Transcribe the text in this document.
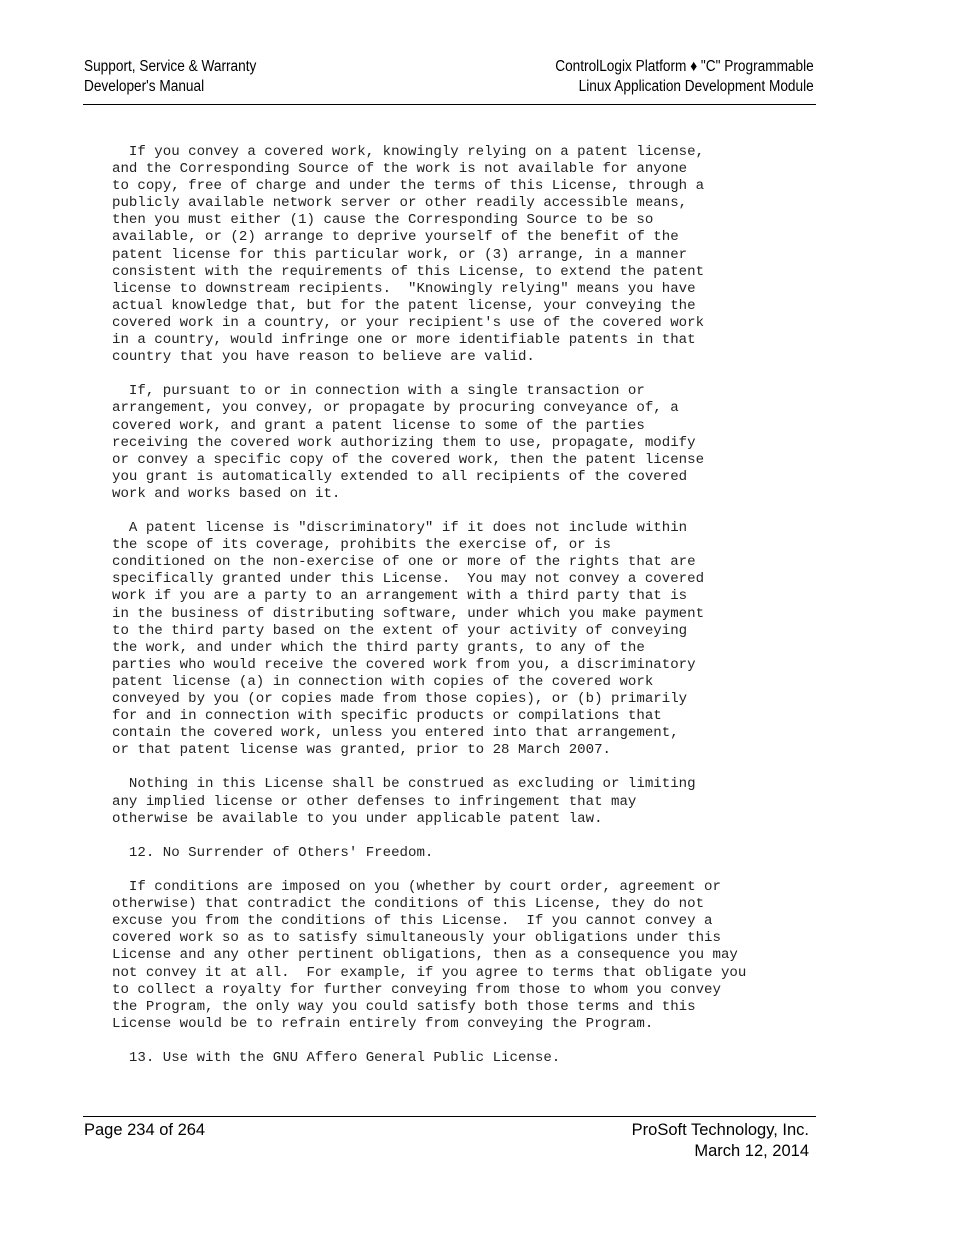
Support, Service & Warranty
Developer's Manual
ControlLogix Platform ♦ "C" Programmable
Linux Application Development Module
If you convey a covered work, knowingly relying on a patent license,
and the Corresponding Source of the work is not available for anyone
to copy, free of charge and under the terms of this License, through a
publicly available network server or other readily accessible means,
then you must either (1) cause the Corresponding Source to be so
available, or (2) arrange to deprive yourself of the benefit of the
patent license for this particular work, or (3) arrange, in a manner
consistent with the requirements of this License, to extend the patent
license to downstream recipients.  "Knowingly relying" means you have
actual knowledge that, but for the patent license, your conveying the
covered work in a country, or your recipient's use of the covered work
in a country, would infringe one or more identifiable patents in that
country that you have reason to believe are valid.
If, pursuant to or in connection with a single transaction or
arrangement, you convey, or propagate by procuring conveyance of, a
covered work, and grant a patent license to some of the parties
receiving the covered work authorizing them to use, propagate, modify
or convey a specific copy of the covered work, then the patent license
you grant is automatically extended to all recipients of the covered
work and works based on it.
A patent license is "discriminatory" if it does not include within
the scope of its coverage, prohibits the exercise of, or is
conditioned on the non-exercise of one or more of the rights that are
specifically granted under this License.  You may not convey a covered
work if you are a party to an arrangement with a third party that is
in the business of distributing software, under which you make payment
to the third party based on the extent of your activity of conveying
the work, and under which the third party grants, to any of the
parties who would receive the covered work from you, a discriminatory
patent license (a) in connection with copies of the covered work
conveyed by you (or copies made from those copies), or (b) primarily
for and in connection with specific products or compilations that
contain the covered work, unless you entered into that arrangement,
or that patent license was granted, prior to 28 March 2007.
Nothing in this License shall be construed as excluding or limiting
any implied license or other defenses to infringement that may
otherwise be available to you under applicable patent law.
12. No Surrender of Others' Freedom.
If conditions are imposed on you (whether by court order, agreement or
otherwise) that contradict the conditions of this License, they do not
excuse you from the conditions of this License.  If you cannot convey a
covered work so as to satisfy simultaneously your obligations under this
License and any other pertinent obligations, then as a consequence you may
not convey it at all.  For example, if you agree to terms that obligate you
to collect a royalty for further conveying from those to whom you convey
the Program, the only way you could satisfy both those terms and this
License would be to refrain entirely from conveying the Program.
13. Use with the GNU Affero General Public License.
Page 234 of 264	ProSoft Technology, Inc.
March 12, 2014
